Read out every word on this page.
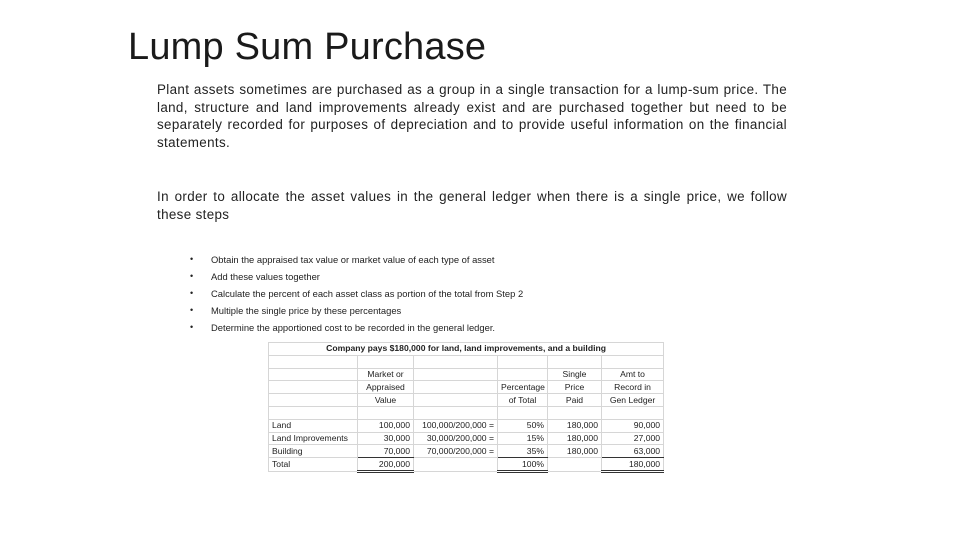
Lump Sum Purchase

Plant assets sometimes are purchased as a group in a single transaction for a lump-sum price. The land, structure and land improvements already exist and are purchased together but need to be separately recorded for purposes of depreciation and to provide useful information on the financial statements.

In order to allocate the asset values in the general ledger when there is a single price, we follow these steps

• Obtain the appraised tax value or market value of each type of asset
• Add these values together
• Calculate the percent of each asset class as portion of the total from Step 2
• Multiple the single price by these percentages
• Determine the apportioned cost to be recorded in the general ledger.
Company pays $180,000 for land, land improvements, and a building					

	Market or			Single	Amt to
	Appraised		Percentage	Price	Record in
	Value		of Total	Paid	Gen Ledger

Land	100,000	100,000/200,000 =	50%	180,000	90,000
Land Improvements	30,000	30,000/200,000 =	15%	180,000	27,000
Building	70,000	70,000/200,000 =	35%	180,000	63,000
Total	200,000		100%		180,000
